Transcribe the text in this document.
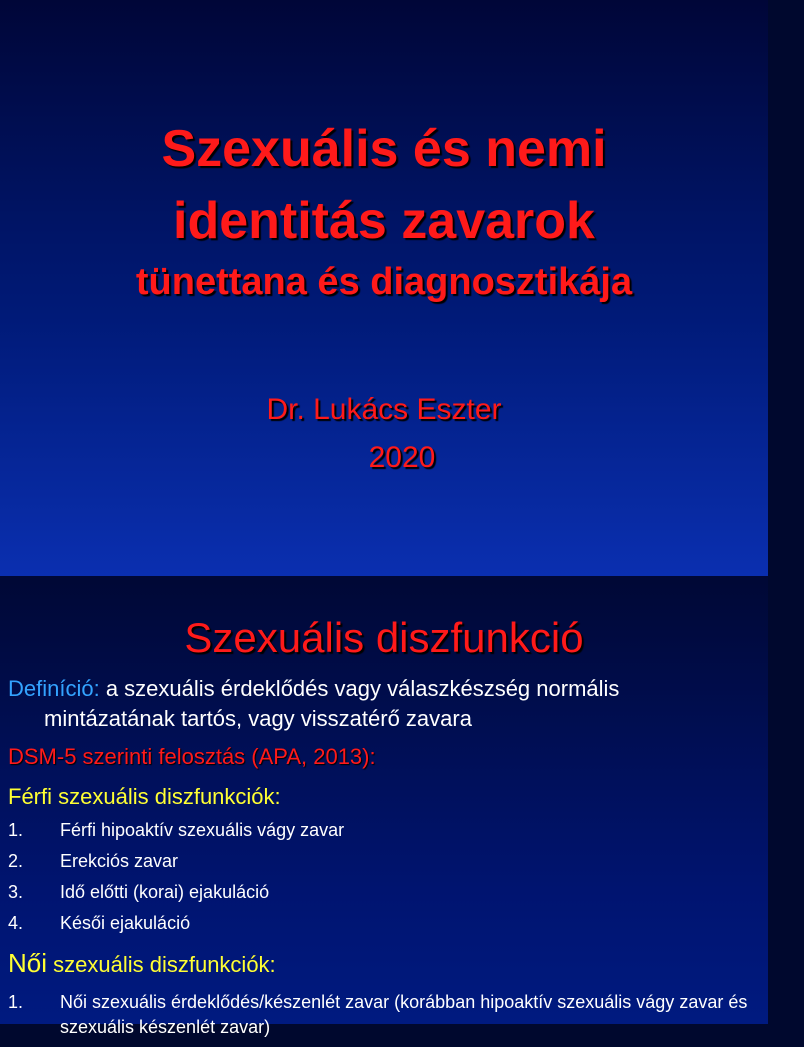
Szexuális és nemi
identitás zavarok
tünettana és diagnosztikája
Dr. Lukács Eszter
2020
Szexuális diszfunkció
Definíció: a szexuális érdeklődés vagy válaszkészség normális
mintázatának tartós, vagy visszatérő zavara
DSM-5 szerinti felosztás (APA, 2013):
Férfi szexuális diszfunkciók:
1. Férfi hipoaktív szexuális vágy zavar
2. Erekciós zavar
3. Idő előtti (korai) ejakuláció
4. Késői ejakuláció
Női szexuális diszfunkciók:
1. Női szexuális érdeklődés/készenlét zavar (korábban hipoaktív szexuális vágy zavar és szexuális készenlét zavar)
